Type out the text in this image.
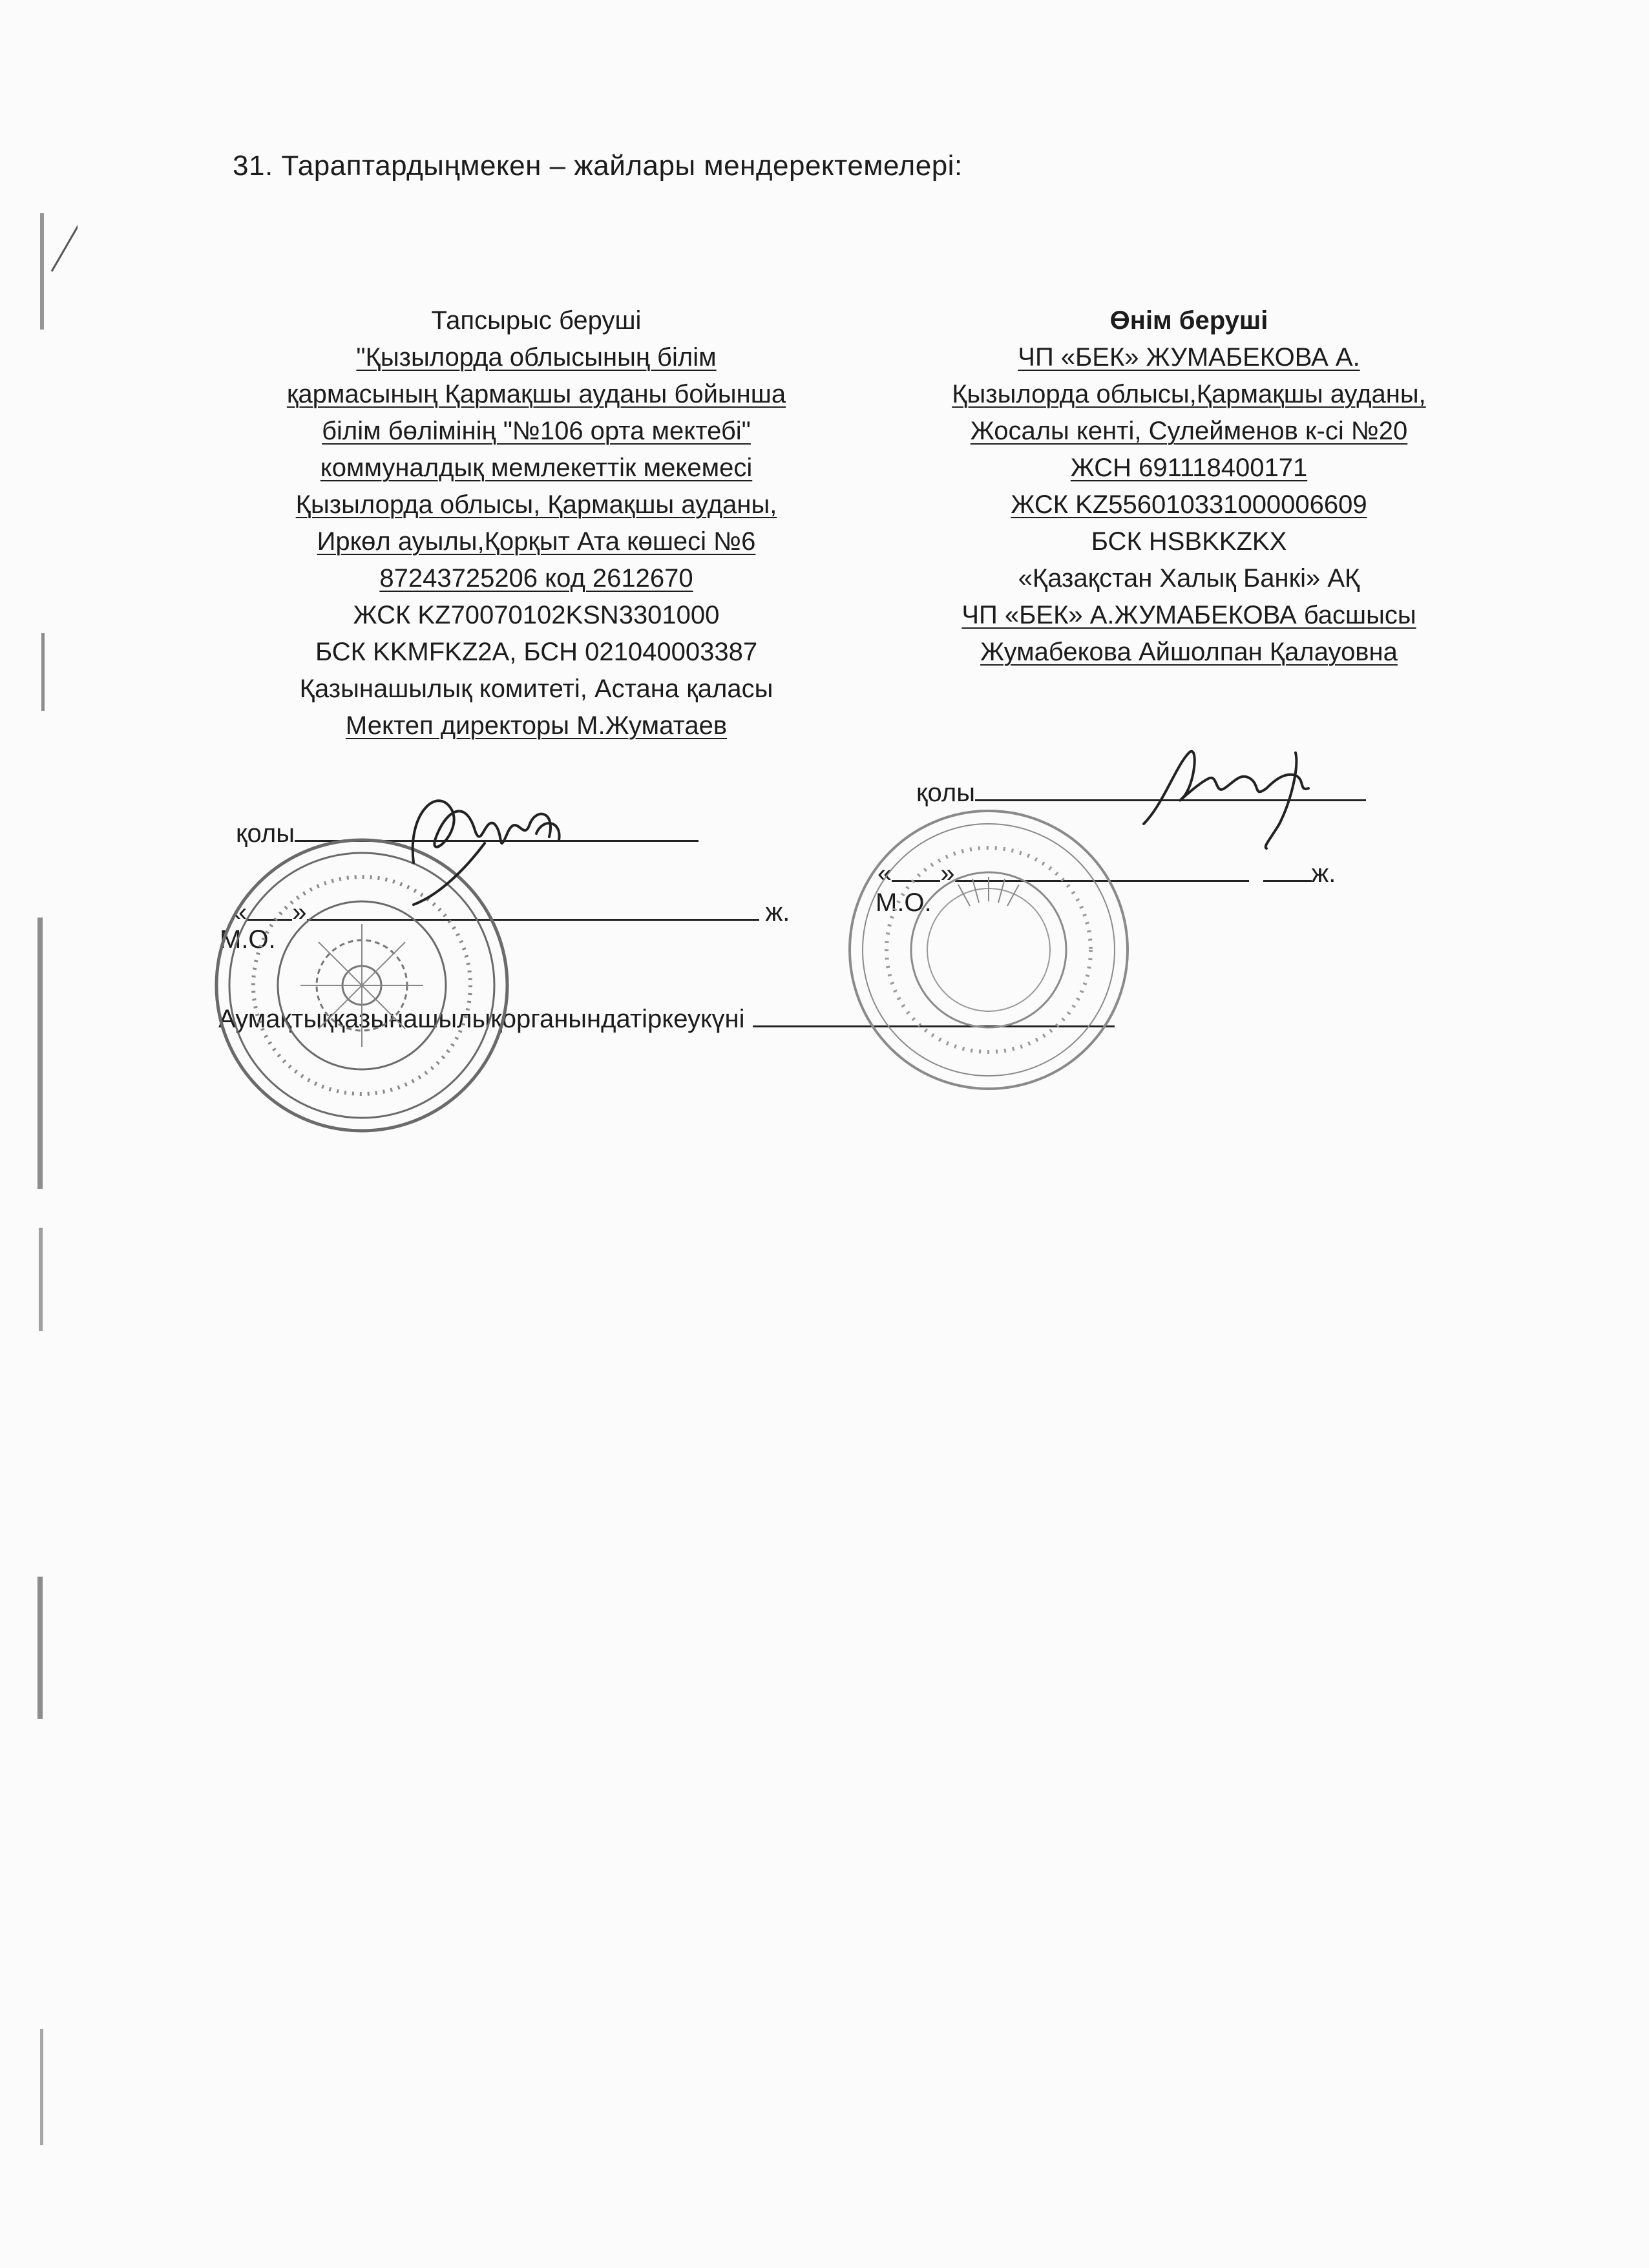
31. Тараптардыңмекен – жайлары мендеректемелері:
Тапсырыс беруші
"Қызылорда облысының білім
қармасының Қармақшы ауданы бойынша
білім бөлімінің "№106 орта мектебі"
коммуналдық мемлекеттік мекемесі
Қызылорда облысы, Қармақшы ауданы,
Иркөл ауылы,Қорқыт Ата көшесі №6
87243725206 код 2612670
ЖСК KZ70070102KSN3301000
БСК KKMFKZ2A, БСН 021040003387
Қазынашылық комитеті, Астана қаласы
Мектеп директоры М.Жуматаев
Өнім беруші
ЧП «БЕК» ЖУМАБЕКОВА А.
Қызылорда облысы,Қармақшы ауданы,
Жосалы кенті, Сулейменов к-сі №20
ЖСН 691118400171
ЖСК KZ556010331000006609
БСК HSBKKZKX
«Қазақстан Халық Банкі» АҚ
ЧП «БЕК» А.ЖУМАБЕКОВА басшысы
Жумабекова Айшолпан Қалауовна
қолы
« »	ж.
М.О.
Аумақтыққазынашылықорганындатіркеукүні
қолы
« »	ж.
М.О.
